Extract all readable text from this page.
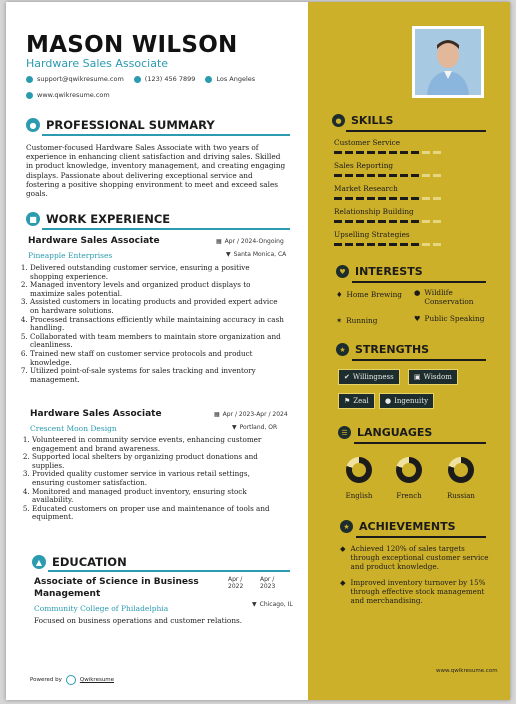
MASON WILSON
Hardware Sales Associate
support@qwikresume.com	(123) 456 7899	Los Angeles
www.qwikresume.com
● PROFESSIONAL SUMMARY
Customer-focused Hardware Sales Associate with two years of experience in enhancing client satisfaction and driving sales. Skilled in product knowledge, inventory management, and creating engaging displays. Passionate about delivering exceptional service and fostering a positive shopping environment to meet and exceed sales goals.
■ WORK EXPERIENCE
Hardware Sales Associate	▦ Apr / 2024-Ongoing
Pineapple Enterprises	▼ Santa Monica, CA
1. Delivered outstanding customer service, ensuring a positive shopping experience.
2. Managed inventory levels and organized product displays to maximize sales potential.
3. Assisted customers in locating products and provided expert advice on hardware solutions.
4. Processed transactions efficiently while maintaining accuracy in cash handling.
5. Collaborated with team members to maintain store organization and cleanliness.
6. Trained new staff on customer service protocols and product knowledge.
7. Utilized point-of-sale systems for sales tracking and inventory management.
Hardware Sales Associate	▦ Apr / 2023-Apr / 2024
Crescent Moon Design	▼ Portland, OR
1. Volunteered in community service events, enhancing customer engagement and brand awareness.
2. Supported local shelters by organizing product donations and supplies.
3. Provided quality customer service in various retail settings, ensuring customer satisfaction.
4. Monitored and managed product inventory, ensuring stock availability.
5. Educated customers on proper use and maintenance of tools and equipment.
▲ EDUCATION
Associate of Science in Business Management
Apr /
2022
Apr /
2023
Community College of Philadelphia	▼ Chicago, IL
Focused on business operations and customer relations.
Powered by	Qwikresume
● SKILLS
Customer Service
Sales Reporting
Market Research
Relationship Building
Upselling Strategies
♥ INTERESTS
♦ Home Brewing ● Wildlife Conservation
✶ Running	♥ Public Speaking
★ STRENGTHS
✔ Willingness	▣ Wisdom
⚑ Zeal ● Ingenuity
☰ LANGUAGES
English	French	Russian
★ ACHIEVEMENTS
◆ Achieved 120% of sales targets through exceptional customer service and product knowledge.
◆ Improved inventory turnover by 15% through effective stock management and merchandising.
www.qwikresume.com
